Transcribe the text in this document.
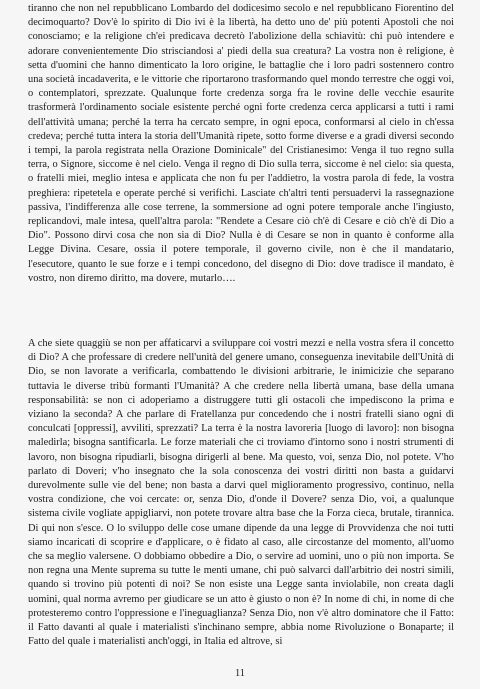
tiranno che non nel repubblicano Lombardo del dodicesimo secolo e nel repubblicano Fiorentino del decimoquarto? Dov'è lo spirito di Dio ivi è la libertà, ha detto uno de' più potenti Apostoli che noi conosciamo; e la religione ch'ei predicava decretò l'abolizione della schiavitù: chi può intendere e adorare convenientemente Dio strisciandosi a' piedi della sua creatura? La vostra non è religione, è setta d'uomini che hanno dimenticato la loro origine, le battaglie che i loro padri sostennero contro una società incadaverita, e le vittorie che riportarono trasformando quel mondo terrestre che oggi voi, o contemplatori, sprezzate. Qualunque forte credenza sorga fra le rovine delle vecchie esaurite trasformerà l'ordinamento sociale esistente perché ogni forte credenza cerca applicarsi a tutti i rami dell'attività umana; perché la terra ha cercato sempre, in ogni epoca, conformarsi al cielo in ch'essa credeva; perché tutta intera la storia dell'Umanità ripete, sotto forme diverse e a gradi diversi secondo i tempi, la parola registrata nella Orazione Dominicale" del Cristianesimo: Venga il tuo regno sulla terra, o Signore, siccome è nel cielo. Venga il regno di Dio sulla terra, siccome è nel cielo: sia questa, o fratelli miei, meglio intesa e applicata che non fu per l'addietro, la vostra parola di fede, la vostra preghiera: ripetetela e operate perché si verifichi. Lasciate ch'altri tenti persuadervi la rassegnazione passiva, l'indifferenza alle cose terrene, la sommersione ad ogni potere temporale anche l'ingiusto, replicandovi, male intesa, quell'altra parola: "Rendete a Cesare ciò ch'è di Cesare e ciò ch'è di Dio a Dio". Possono dirvi cosa che non sia di Dio? Nulla è di Cesare se non in quanto è conforme alla Legge Divina. Cesare, ossia il potere temporale, il governo civile, non è che il mandatario, l'esecutore, quanto le sue forze e i tempi concedono, del disegno di Dio: dove tradisce il mandato, è vostro, non diremo diritto, ma dovere, mutarlo….

A che siete quaggiù se non per affaticarvi a sviluppare coi vostri mezzi e nella vostra sfera il concetto di Dio? A che professare di credere nell'unità del genere umano, conseguenza inevitabile dell'Unità di Dio, se non lavorate a verificarla, combattendo le divisioni arbitrarie, le inimicizie che separano tuttavia le diverse tribù formanti l'Umanità? A che credere nella libertà umana, base della umana responsabilità: se non ci adoperiamo a distruggere tutti gli ostacoli che impediscono la prima e viziano la seconda? A che parlare di Fratellanza pur concedendo che i nostri fratelli siano ogni dì conculcati [oppressi], avviliti, sprezzati? La terra è la nostra lavoreria [luogo di lavoro]: non bisogna maledirla; bisogna santificarla. Le forze materiali che ci troviamo d'intorno sono i nostri strumenti di lavoro, non bisogna ripudiarli, bisogna dirigerli al bene. Ma questo, voi, senza Dio, nol potete. V'ho parlato di Doveri; v'ho insegnato che la sola conoscenza dei vostri diritti non basta a guidarvi durevolmente sulle vie del bene; non basta a darvi quel miglioramento progressivo, continuo, nella vostra condizione, che voi cercate: or, senza Dio, d'onde il Dovere? senza Dio, voi, a qualunque sistema civile vogliate appigliarvi, non potete trovare altra base che la Forza cieca, brutale, tirannica. Di qui non s'esce. O lo sviluppo delle cose umane dipende da una legge di Provvidenza che noi tutti siamo incaricati di scoprire e d'applicare, o è fidato al caso, alle circostanze del momento, all'uomo che sa meglio valersene. O dobbiamo obbedire a Dio, o servire ad uomini, uno o più non importa. Se non regna una Mente suprema su tutte le menti umane, chi può salvarci dall'arbitrio dei nostri simili, quando si trovino più potenti di noi? Se non esiste una Legge santa inviolabile, non creata dagli uomini, qual norma avremo per giudicare se un atto è giusto o non è? In nome di chi, in nome di che protesteremo contro l'oppressione e l'ineguaglianza? Senza Dio, non v'è altro dominatore che il Fatto: il Fatto davanti al quale i materialisti s'inchinano sempre, abbia nome Rivoluzione o Bonaparte; il Fatto del quale i materialisti anch'oggi, in Italia ed altrove, si

11
